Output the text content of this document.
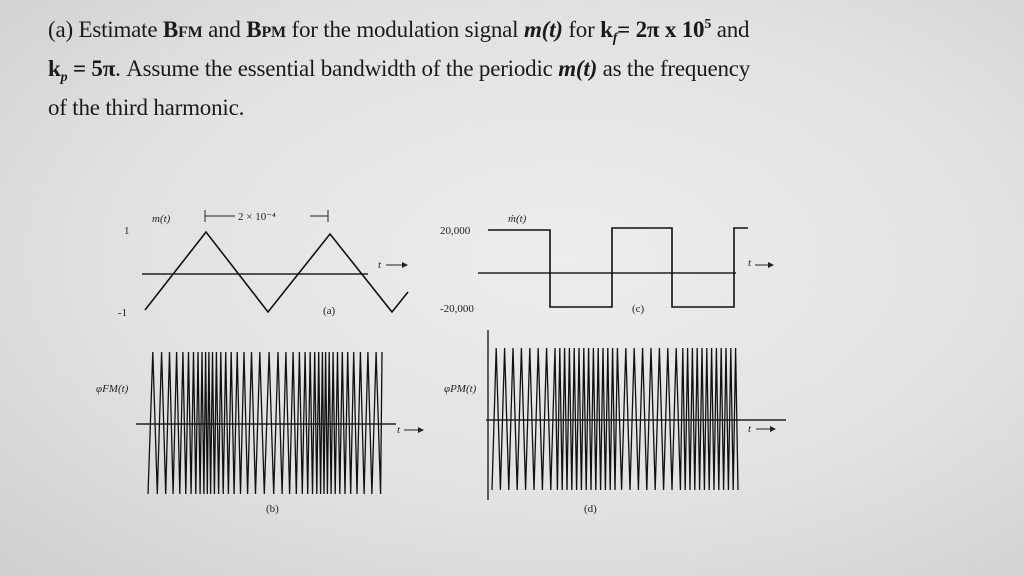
(a) Estimate BFM and BPM for the modulation signal m(t) for $k_f= 2\pi$ x $10^5$ and
$k_p = 5\pi$. Assume the essential bandwidth of the periodic m(t) as the frequency
of the third harmonic.
m(t)	2 × 10⁻⁴
1
-1
t
(a)
ṁ(t)
20,000
-20,000
t
(c)
φFM(t)
t
(b)
φPM(t)
t
(d)
